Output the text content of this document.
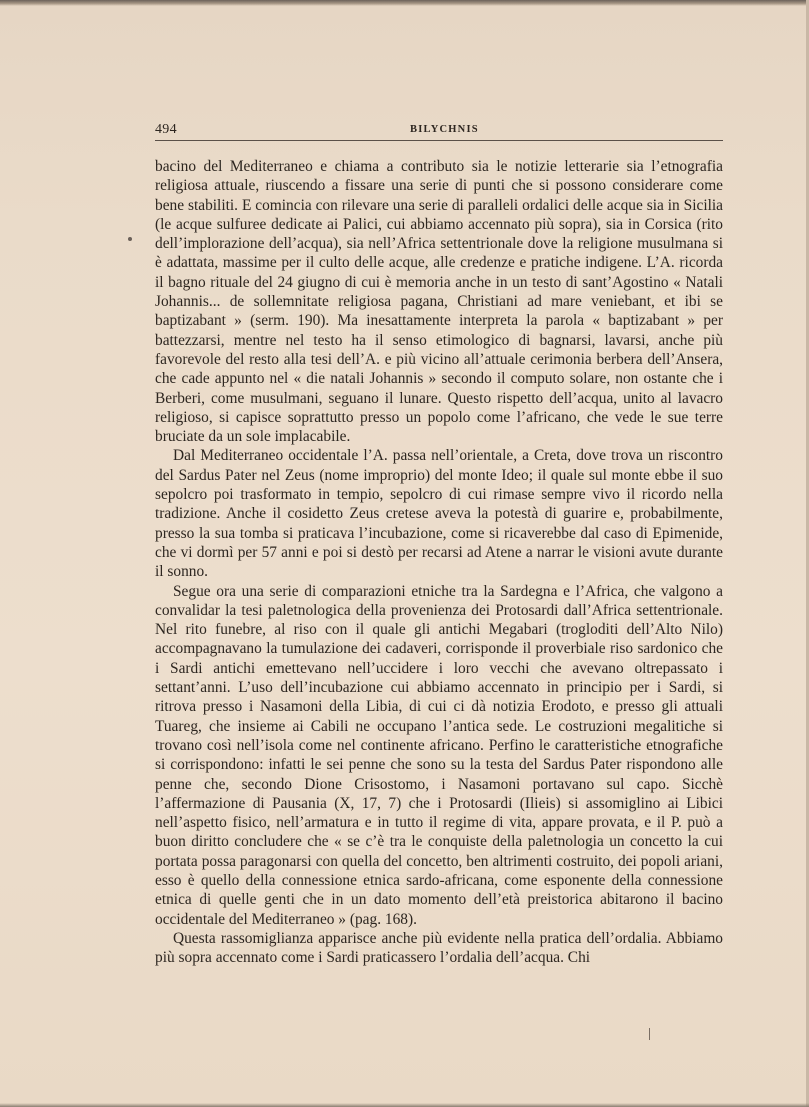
494	BILYCHNIS

bacino del Mediterraneo e chiama a contributo sia le notizie letterarie sia l’etnografia religiosa attuale, riuscendo a fissare una serie di punti che si possono considerare come bene stabiliti. E comincia con rilevare una serie di paralleli ordalici delle acque sia in Sicilia (le acque sulfuree dedicate ai Palici, cui abbiamo accennato più sopra), sia in Corsica (rito dell’implorazione dell’acqua), sia nell’Africa settentrionale dove la religione musulmana si è adattata, massime per il culto delle acque, alle credenze e pratiche indigene. L’A. ricorda il bagno rituale del 24 giugno di cui è memoria anche in un testo di sant’Agostino « Natali Johannis... de sollemnitate religiosa pagana, Christiani ad mare veniebant, et ibi se baptizabant » (serm. 190). Ma inesattamente interpreta la parola « baptizabant » per battezzarsi, mentre nel testo ha il senso etimologico di bagnarsi, lavarsi, anche più favorevole del resto alla tesi dell’A. e più vicino all’attuale cerimonia berbera dell’Ansera, che cade appunto nel « die natali Johannis » secondo il computo solare, non ostante che i Berberi, come musulmani, seguano il lunare. Questo rispetto dell’acqua, unito al lavacro religioso, si capisce soprattutto presso un popolo come l’africano, che vede le sue terre bruciate da un sole implacabile.

Dal Mediterraneo occidentale l’A. passa nell’orientale, a Creta, dove trova un riscontro del Sardus Pater nel Zeus (nome improprio) del monte Ideo; il quale sul monte ebbe il suo sepolcro poi trasformato in tempio, sepolcro di cui rimase sempre vivo il ricordo nella tradizione. Anche il cosidetto Zeus cretese aveva la potestà di guarire e, probabilmente, presso la sua tomba si praticava l’incubazione, come si ricaverebbe dal caso di Epimenide, che vi dormì per 57 anni e poi si destò per recarsi ad Atene a narrar le visioni avute durante il sonno.

Segue ora una serie di comparazioni etniche tra la Sardegna e l’Africa, che valgono a convalidar la tesi paletnologica della provenienza dei Protosardi dall’Africa settentrionale. Nel rito funebre, al riso con il quale gli antichi Megabari (trogloditi dell’Alto Nilo) accompagnavano la tumulazione dei cadaveri, corrisponde il proverbiale riso sardonico che i Sardi antichi emettevano nell’uccidere i loro vecchi che avevano oltrepassato i settant’anni. L’uso dell’incubazione cui abbiamo accennato in principio per i Sardi, si ritrova presso i Nasamoni della Libia, di cui ci dà notizia Erodoto, e presso gli attuali Tuareg, che insieme ai Cabili ne occupano l’antica sede. Le costruzioni megalitiche si trovano così nell’isola come nel continente africano. Perfino le caratteristiche etnografiche si corrispondono: infatti le sei penne che sono su la testa del Sardus Pater rispondono alle penne che, secondo Dione Crisostomo, i Nasamoni portavano sul capo. Sicchè l’affermazione di Pausania (X, 17, 7) che i Protosardi (Ilieis) si assomiglino ai Libici nell’aspetto fisico, nell’armatura e in tutto il regime di vita, appare provata, e il P. può a buon diritto concludere che « se c’è tra le conquiste della paletnologia un concetto la cui portata possa paragonarsi con quella del concetto, ben altrimenti costruito, dei popoli ariani, esso è quello della connessione etnica sardo-africana, come esponente della connessione etnica di quelle genti che in un dato momento dell’età preistorica abitarono il bacino occidentale del Mediterraneo » (pag. 168).

Questa rassomiglianza apparisce anche più evidente nella pratica dell’ordalia. Abbiamo più sopra accennato come i Sardi praticassero l’ordalia dell’acqua. Chi
